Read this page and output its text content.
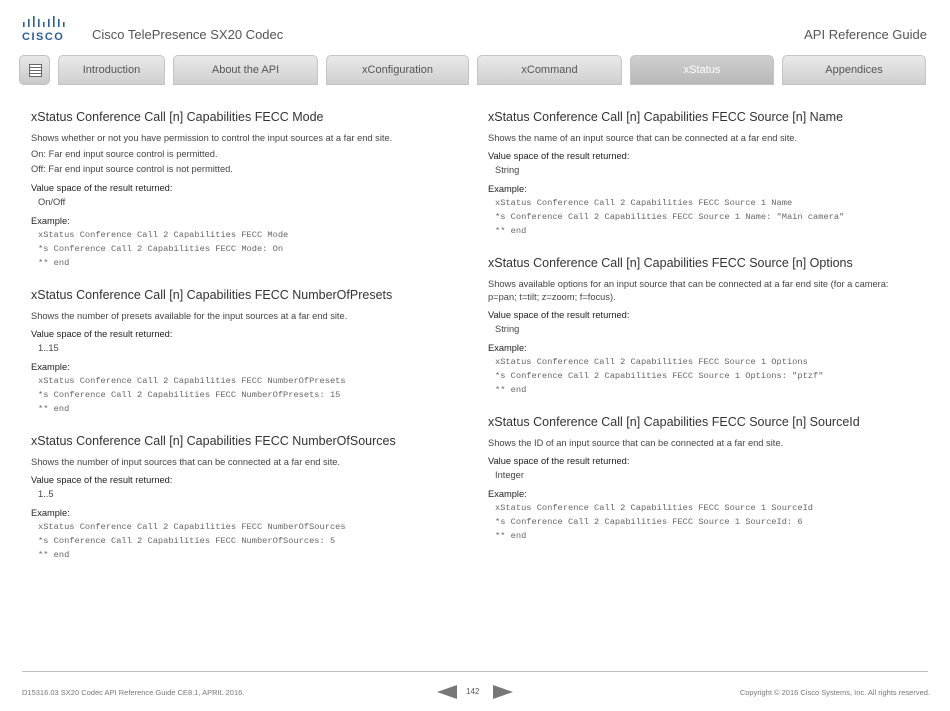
CISCO Cisco TelePresence SX20 Codec	API Reference Guide
Introduction	About the API	xConfiguration	xCommand	xStatus	Appendices
xStatus Conference Call [n] Capabilities FECC Mode
Shows whether or not you have permission to control the input sources at a far end site.
On: Far end input source control is permitted.
Off: Far end input source control is not permitted.
Value space of the result returned:
On/Off
Example:
xStatus Conference Call 2 Capabilities FECC Mode
*s Conference Call 2 Capabilities FECC Mode: On
** end
xStatus Conference Call [n] Capabilities FECC NumberOfPresets
Shows the number of presets available for the input sources at a far end site.
Value space of the result returned:
1..15
Example:
xStatus Conference Call 2 Capabilities FECC NumberOfPresets
*s Conference Call 2 Capabilities FECC NumberOfPresets: 15
** end
xStatus Conference Call [n] Capabilities FECC NumberOfSources
Shows the number of input sources that can be connected at a far end site.
Value space of the result returned:
1..5
Example:
xStatus Conference Call 2 Capabilities FECC NumberOfSources
*s Conference Call 2 Capabilities FECC NumberOfSources: 5
** end
xStatus Conference Call [n] Capabilities FECC Source [n] Name
Shows the name of an input source that can be connected at a far end site.
Value space of the result returned:
String
Example:
xStatus Conference Call 2 Capabilities FECC Source 1 Name
*s Conference Call 2 Capabilities FECC Source 1 Name: "Main camera"
** end
xStatus Conference Call [n] Capabilities FECC Source [n] Options
Shows available options for an input source that can be connected at a far end site (for a camera: p=pan; t=tilt; z=zoom; f=focus).
Value space of the result returned:
String
Example:
xStatus Conference Call 2 Capabilities FECC Source 1 Options
*s Conference Call 2 Capabilities FECC Source 1 Options: "ptzf"
** end
xStatus Conference Call [n] Capabilities FECC Source [n] SourceId
Shows the ID of an input source that can be connected at a far end site.
Value space of the result returned:
Integer
Example:
xStatus Conference Call 2 Capabilities FECC Source 1 SourceId
*s Conference Call 2 Capabilities FECC Source 1 SourceId: 6
** end
D15316.03 SX20 Codec API Reference Guide CE8.1, APRIL 2016.	142	Copyright © 2016 Cisco Systems, Inc. All rights reserved.
